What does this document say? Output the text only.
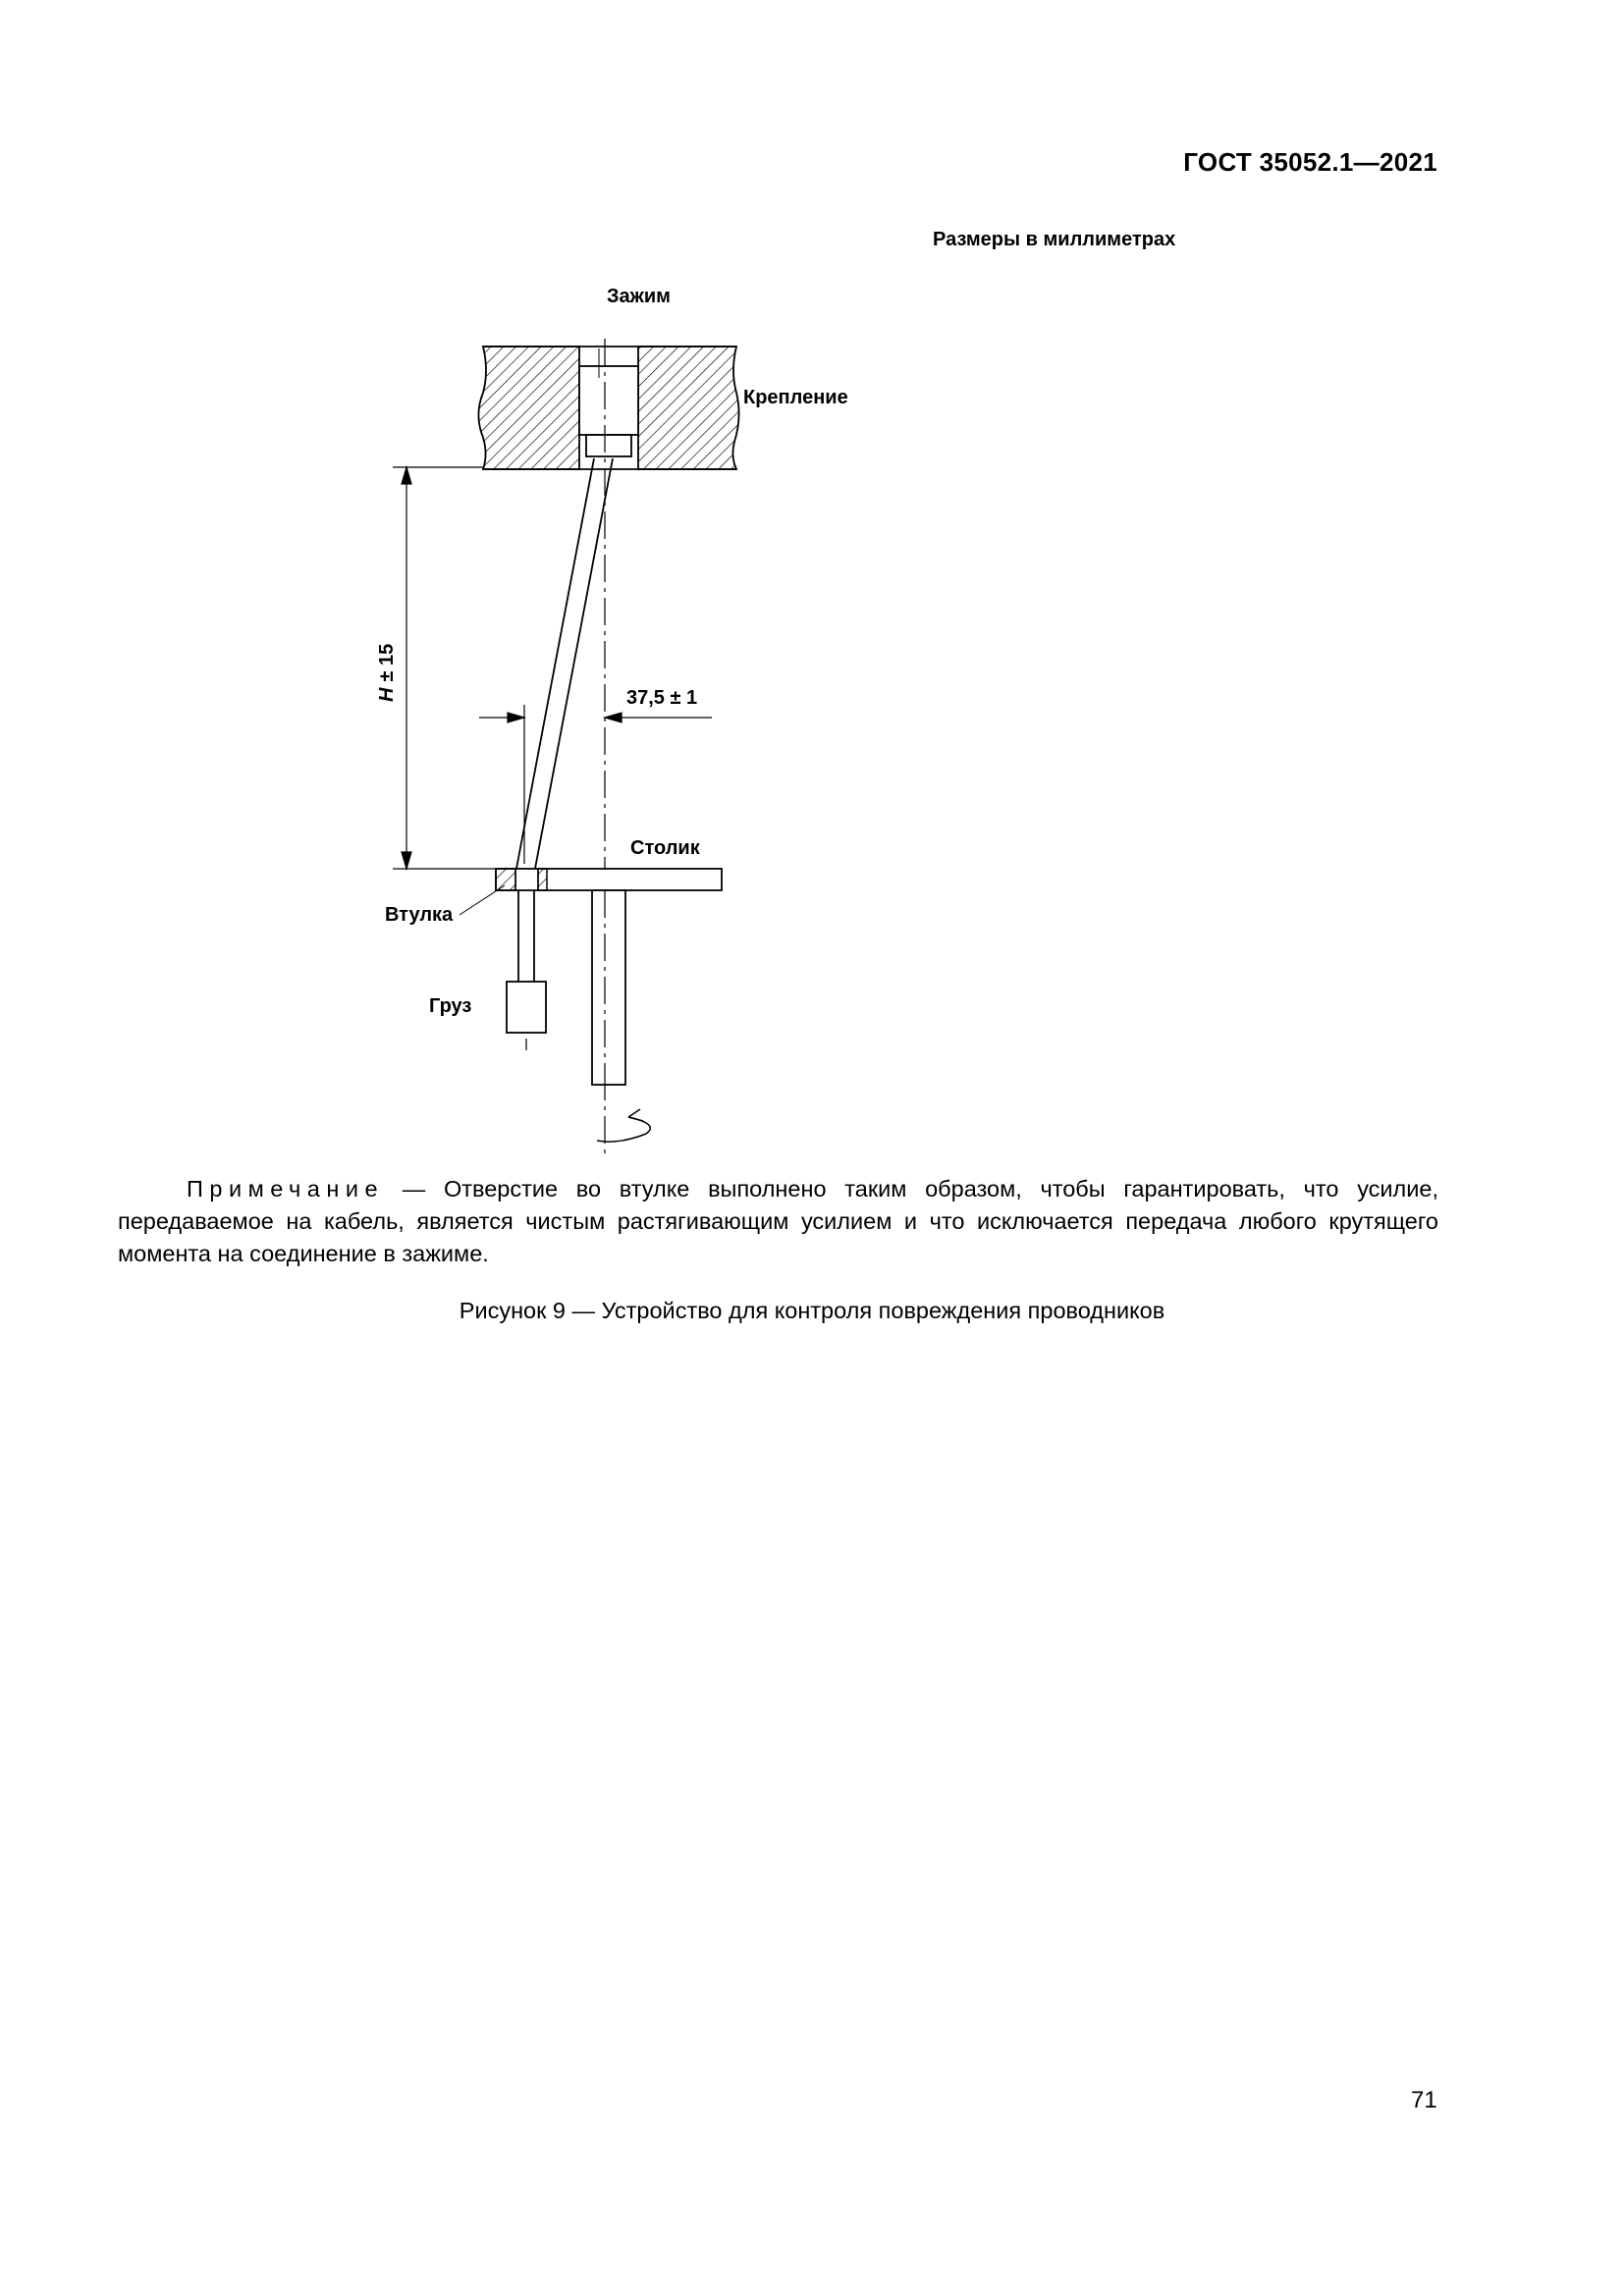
ГОСТ 35052.1—2021
Размеры в миллиметрах
H± 15
37,5 ± 1
Зажим
Крепление
Столик
Втулка
Груз
Примечание — Отверстие во втулке выполнено таким образом, чтобы гарантировать, что усилие, передаваемое на кабель, является чистым растягивающим усилием и что исключается передача любого крутящего момента на соединение в зажиме.
Рисунок 9 — Устройство для контроля повреждения проводников
71
